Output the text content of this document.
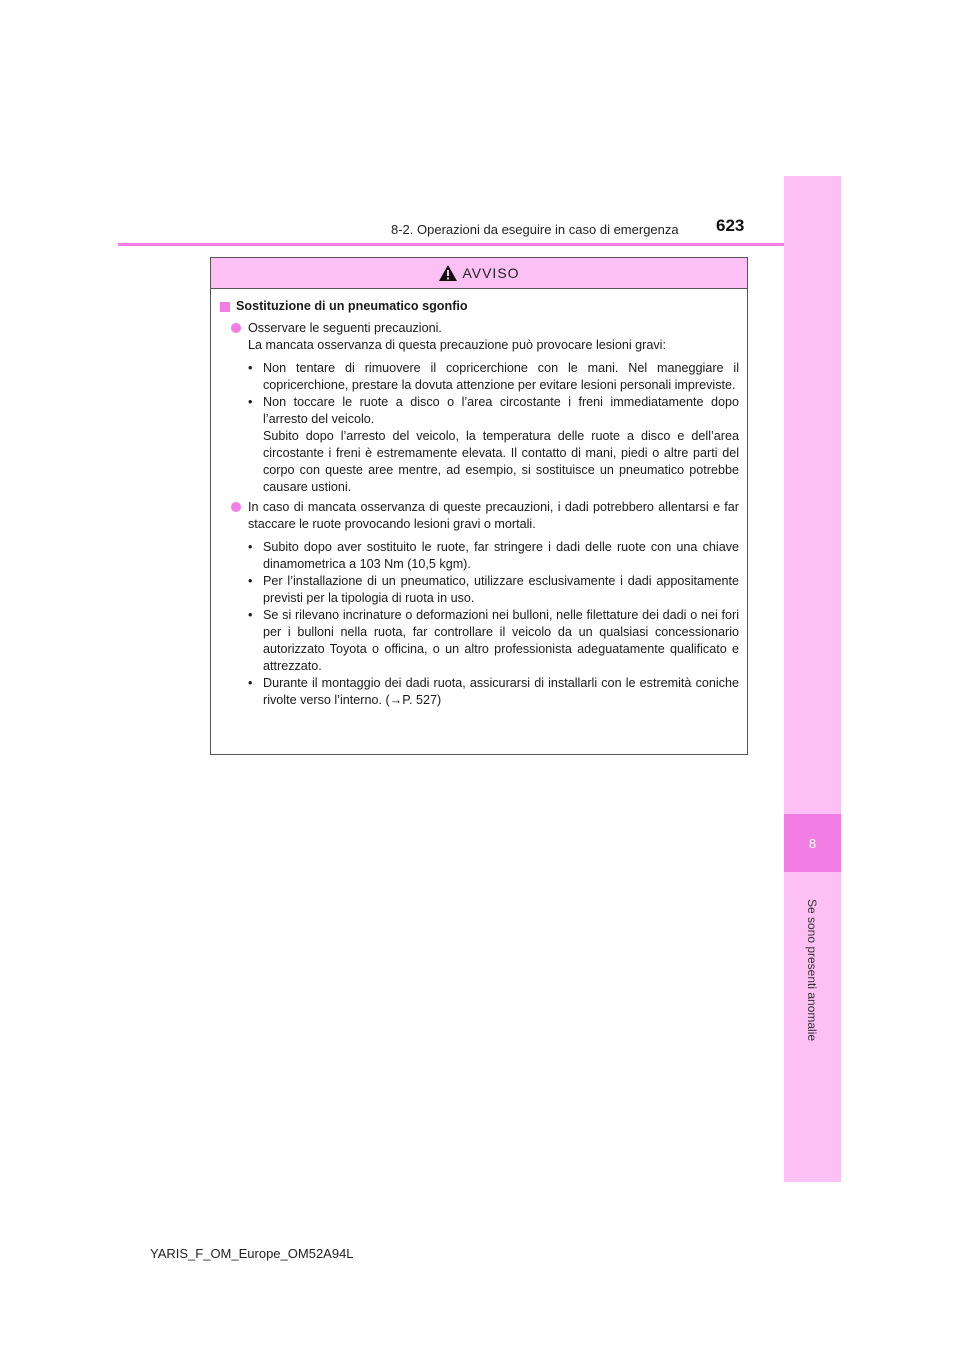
8
Se sono presenti anomalie
8-2. Operazioni da eseguire in caso di emergenza 623
AVVISO
Sostituzione di un pneumatico sgonfio
Osservare le seguenti precauzioni.
La mancata osservanza di questa precauzione può provocare lesioni gravi:
• Non tentare di rimuovere il copricerchione con le mani. Nel maneggiare il copricerchione, prestare la dovuta attenzione per evitare lesioni personali impreviste.
• Non toccare le ruote a disco o l’area circostante i freni immediatamente dopo l’arresto del veicolo.
Subito dopo l’arresto del veicolo, la temperatura delle ruote a disco e dell’area circostante i freni è estremamente elevata. Il contatto di mani, piedi o altre parti del corpo con queste aree mentre, ad esempio, si sostituisce un pneumatico potrebbe causare ustioni.
In caso di mancata osservanza di queste precauzioni, i dadi potrebbero allentarsi e far staccare le ruote provocando lesioni gravi o mortali.
• Subito dopo aver sostituito le ruote, far stringere i dadi delle ruote con una chiave dinamometrica a 103 Nm (10,5 kgm).
• Per l’installazione di un pneumatico, utilizzare esclusivamente i dadi appositamente previsti per la tipologia di ruota in uso.
• Se si rilevano incrinature o deformazioni nei bulloni, nelle filettature dei dadi o nei fori per i bulloni nella ruota, far controllare il veicolo da un qualsiasi concessionario autorizzato Toyota o officina, o un altro professionista adeguatamente qualificato e attrezzato.
• Durante il montaggio dei dadi ruota, assicurarsi di installarli con le estremità coniche rivolte verso l’interno. (→P. 527)
YARIS_F_OM_Europe_OM52A94L
